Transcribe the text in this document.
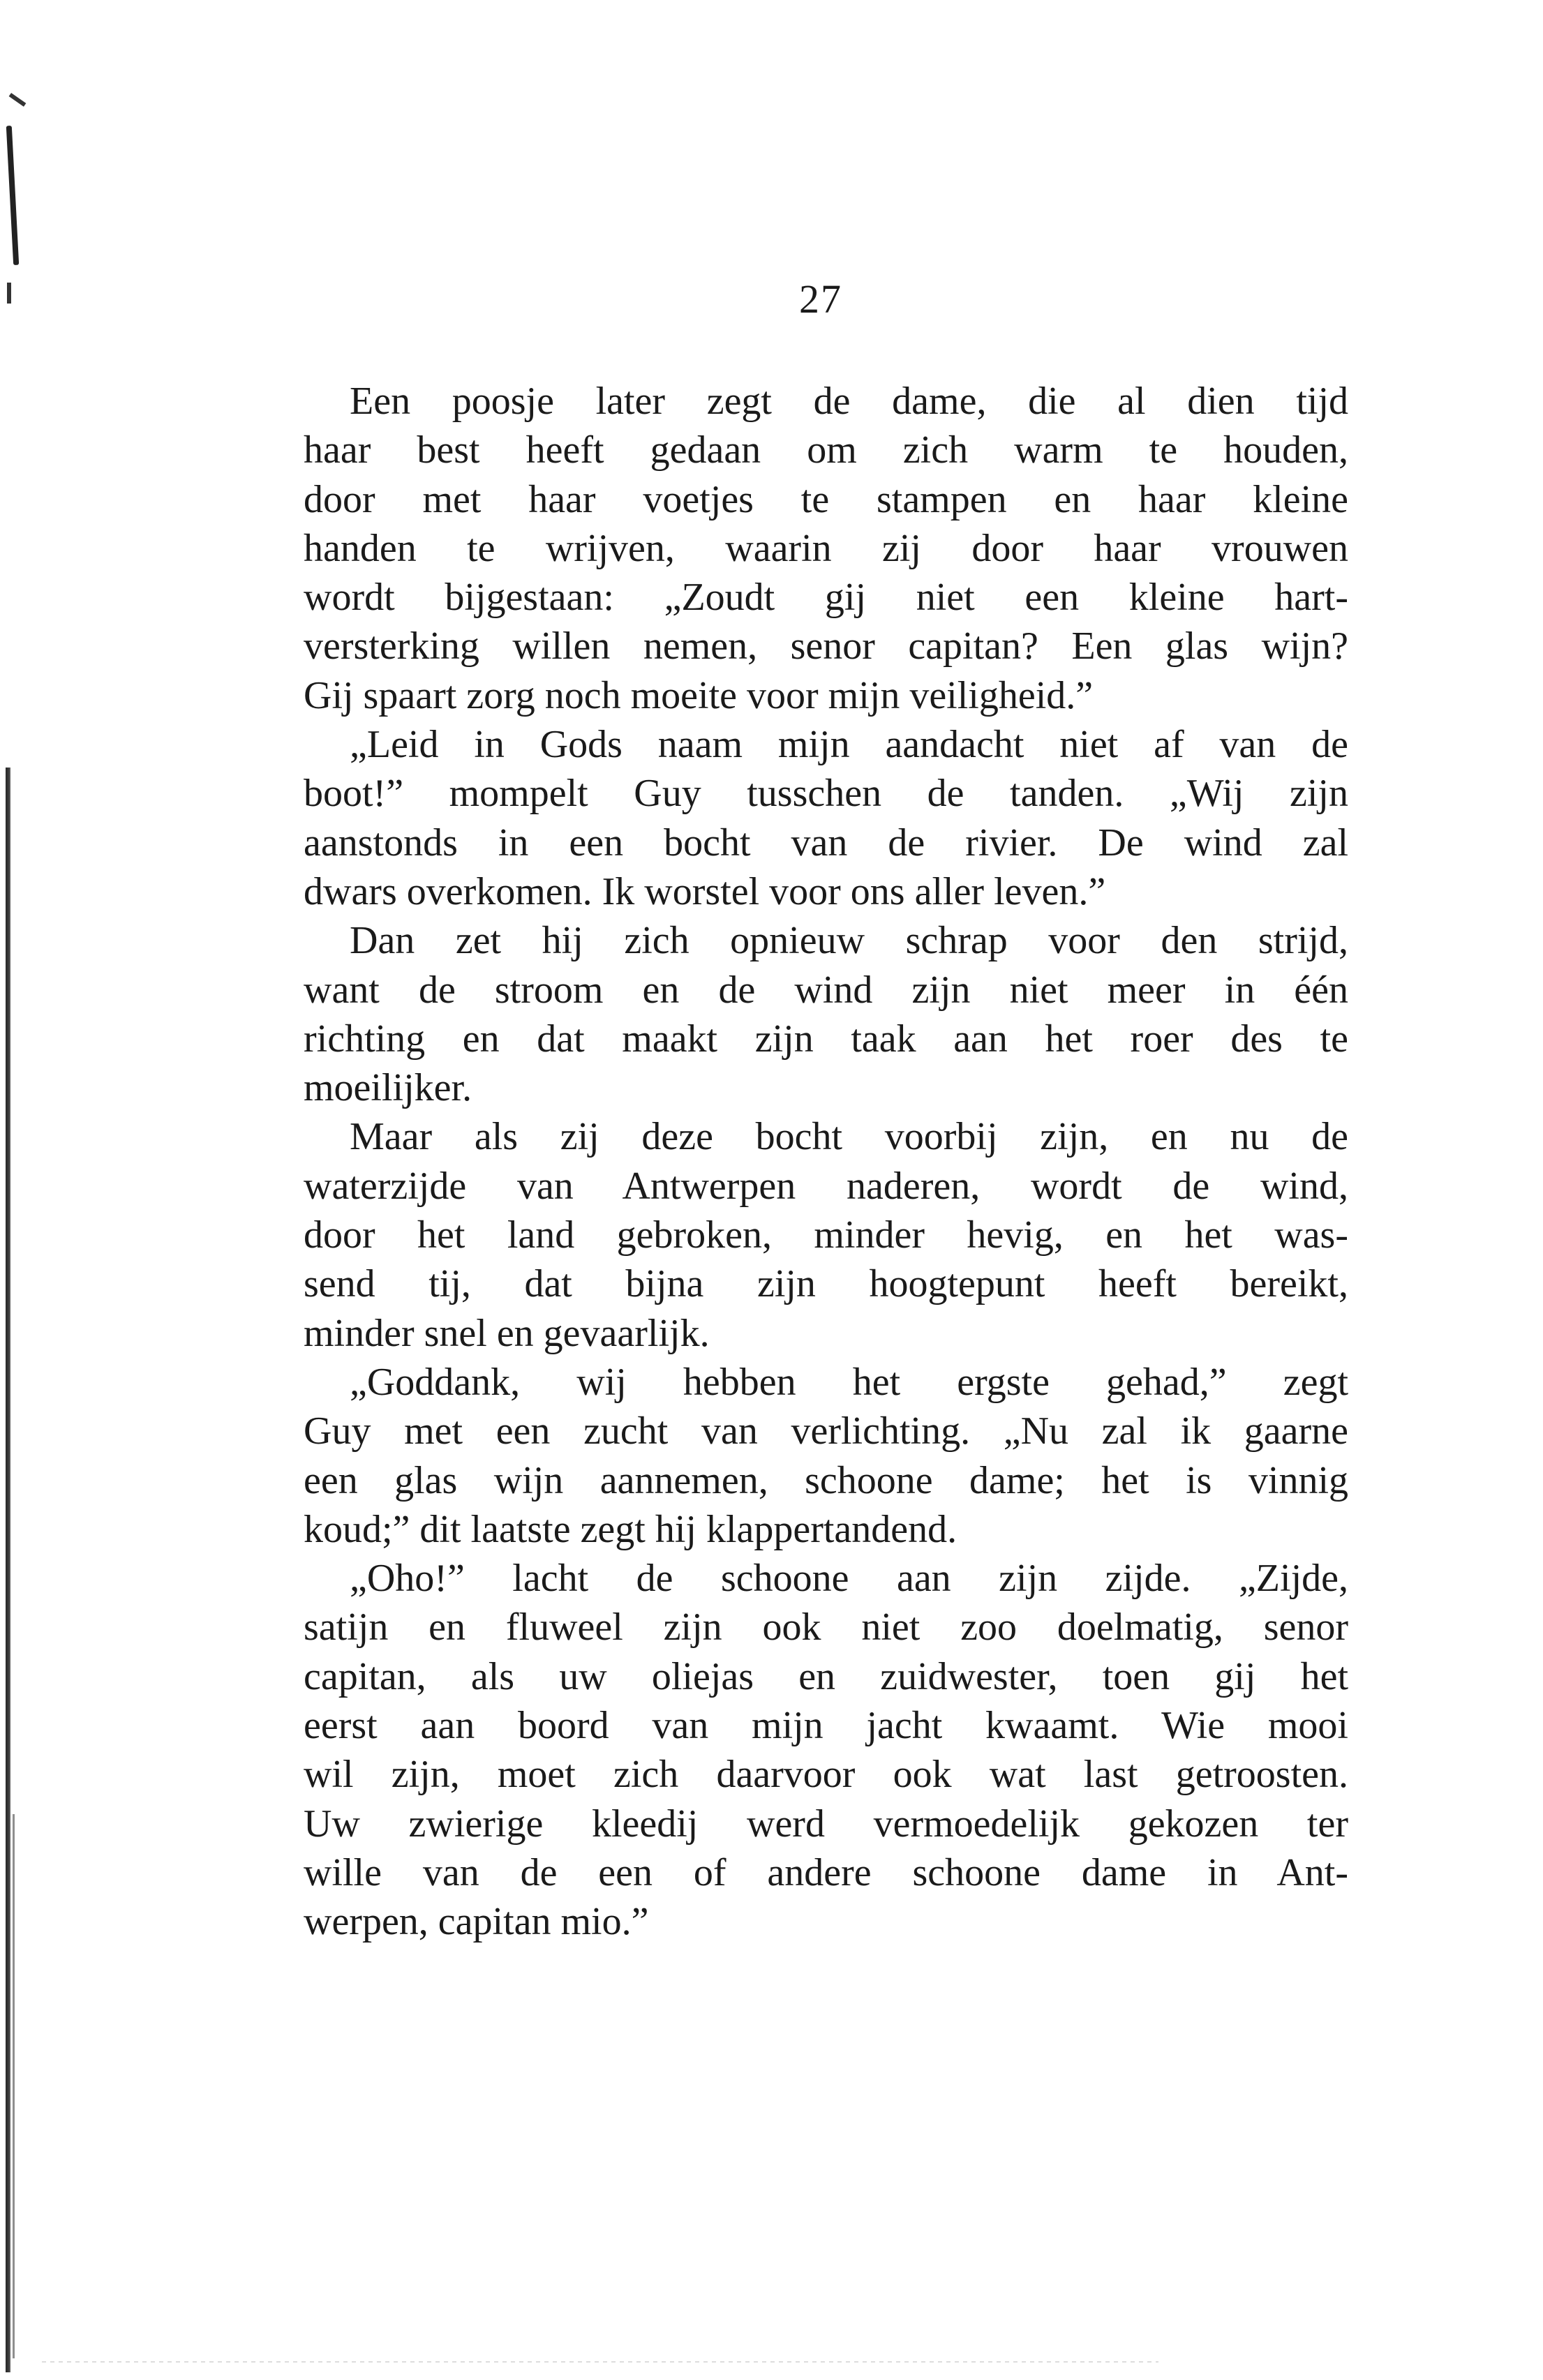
27
Een poosje later zegt de dame, die al dien tijd
haar best heeft gedaan om zich warm te houden,
door met haar voetjes te stampen en haar kleine
handen te wrijven, waarin zij door haar vrouwen
wordt bijgestaan: „Zoudt gij niet een kleine hart-
versterking willen nemen, senor capitan? Een glas wijn?
Gij spaart zorg noch moeite voor mijn veiligheid.”
„Leid in Gods naam mijn aandacht niet af van de
boot!” mompelt Guy tusschen de tanden. „Wij zijn
aanstonds in een bocht van de rivier. De wind zal
dwars overkomen. Ik worstel voor ons aller leven.”
Dan zet hij zich opnieuw schrap voor den strijd,
want de stroom en de wind zijn niet meer in één
richting en dat maakt zijn taak aan het roer des te
moeilijker.
Maar als zij deze bocht voorbij zijn, en nu de
waterzijde van Antwerpen naderen, wordt de wind,
door het land gebroken, minder hevig, en het was-
send tij, dat bijna zijn hoogtepunt heeft bereikt,
minder snel en gevaarlijk.
„Goddank, wij hebben het ergste gehad,” zegt
Guy met een zucht van verlichting. „Nu zal ik gaarne
een glas wijn aannemen, schoone dame; het is vinnig
koud;” dit laatste zegt hij klappertandend.
„Oho!” lacht de schoone aan zijn zijde. „Zijde,
satijn en fluweel zijn ook niet zoo doelmatig, senor
capitan, als uw oliejas en zuidwester, toen gij het
eerst aan boord van mijn jacht kwaamt. Wie mooi
wil zijn, moet zich daarvoor ook wat last getroosten.
Uw zwierige kleedij werd vermoedelijk gekozen ter
wille van de een of andere schoone dame in Ant-
werpen, capitan mio.”
